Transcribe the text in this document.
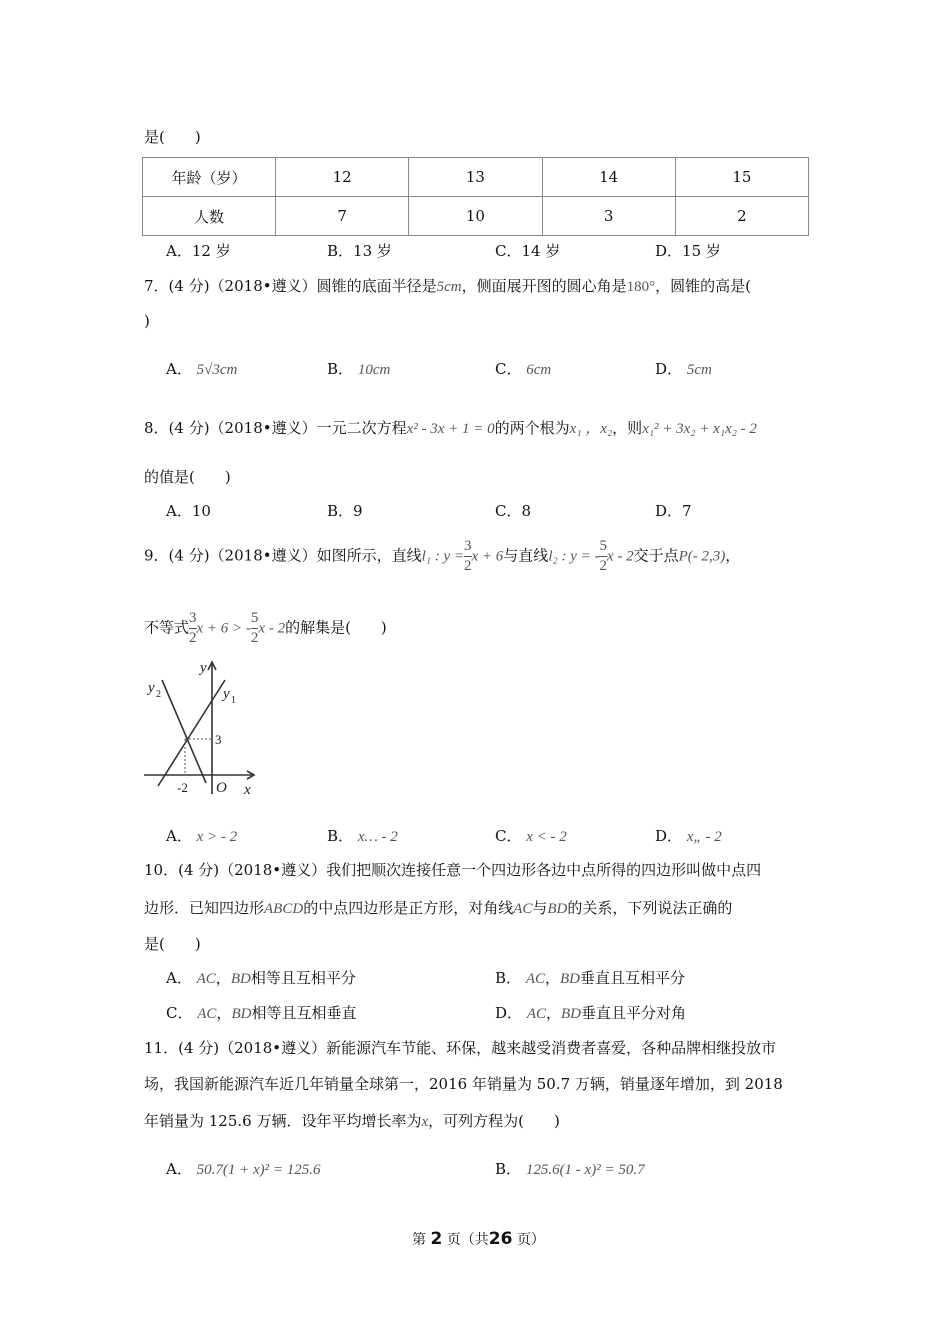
是(　　)
年龄（岁）	12	13	14	15
人数	7	10	3	2
A．12 岁	B．13 岁	C．14 岁	D．15 岁
7．(4 分)（2018•遵义）圆锥的底面半径是5cm，侧面展开图的圆心角是180°，圆锥的高是(
)
A． 5√3cm	B． 10cm	C． 6cm	D． 5cm
8．(4 分)（2018•遵义）一元二次方程x² - 3x + 1 = 0的两个根为x₁ ，x₂，则x₁² + 3x₂ + x₁x₂ - 2
的值是(　　)
A．10	B．9	C．8	D．7
9．(4 分)（2018•遵义）如图所示，直线l₁ : $y = \frac{3}{2}$ x + 6与直线l₂ : y = - $\frac{5}{2}$ x - 2交于点P(- 2,3)，
不等式 $\frac{3}{2}$ x + 6 > - $\frac{5}{2}$ x - 2的解集是(　　)
y
x
y 1
y 2
3
-2 O
A． x > - 2	B． x… - 2	C． x < - 2	D． x„ - 2
10．(4 分)（2018•遵义）我们把顺次连接任意一个四边形各边中点所得的四边形叫做中点四
边形．已知四边形ABCD的中点四边形是正方形，对角线AC与BD的关系，下列说法正确的
是(　　)
A． AC，BD相等且互相平分	B． AC，BD垂直且互相平分
C． AC，BD相等且互相垂直	D． AC，BD垂直且平分对角
11．(4 分)（2018•遵义）新能源汽车节能、环保，越来越受消费者喜爱，各种品牌相继投放市
场，我国新能源汽车近几年销量全球第一，2016 年销量为 50.7 万辆，销量逐年增加，到 2018
年销量为 125.6 万辆．设年平均增长率为x，可列方程为(　　)
A． 50.7(1 + x)² = 125.6	B． 125.6(1 - x)² = 50.7
第 2 页（共26 页）
